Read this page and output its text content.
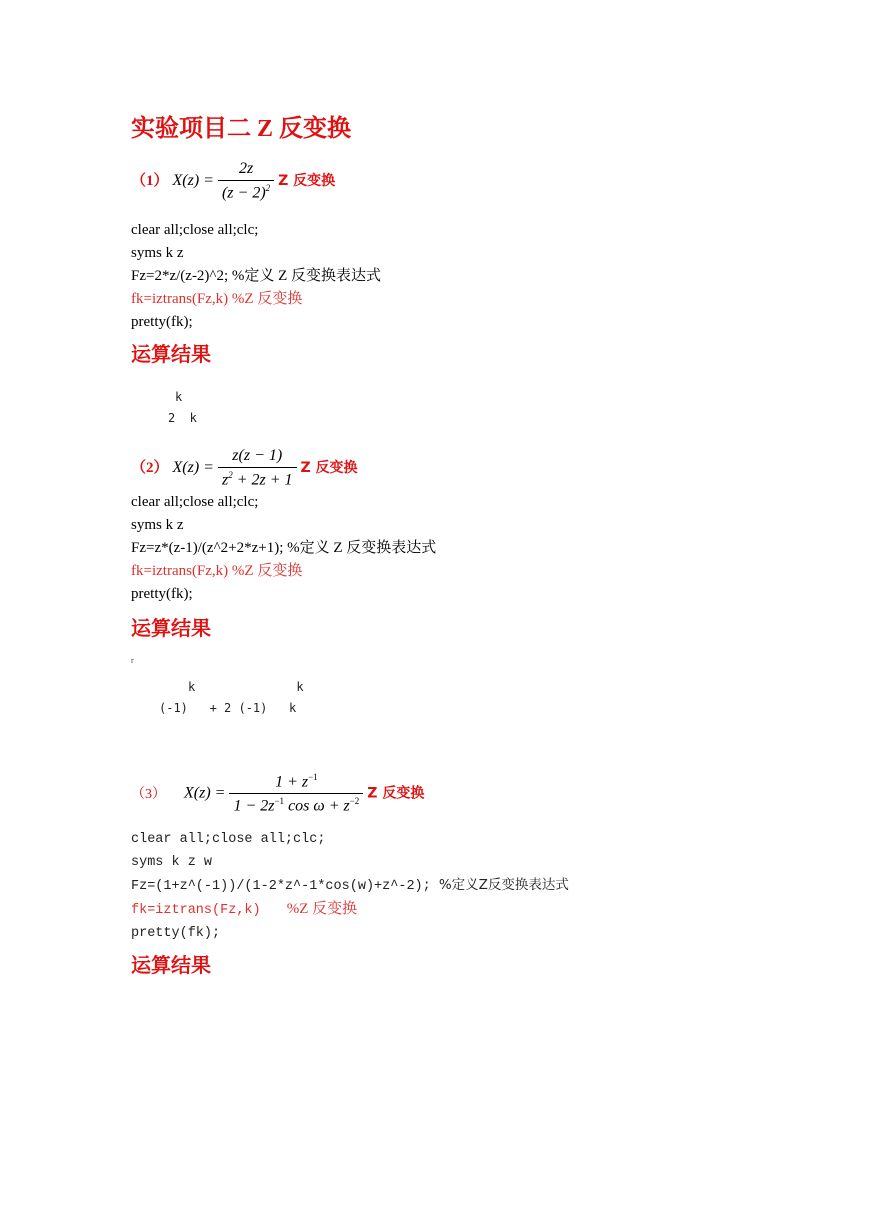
实验项目二 Z 反变换
（1） $X(z) = \frac{2z}{(z - 2)^2}$ Z 反变换
clear all;close all;clc;
syms k z
Fz=2*z/(z-2)^2; %定义 Z 反变换表达式
fk=iztrans(Fz,k) %Z 反变换
pretty(fk);
运算结果
k
2  k
（2） $X(z) = \frac{z(z - 1)}{z^2 + 2z + 1}$ Z 反变换
clear all;close all;clc;
syms k z
Fz=z*(z-1)/(z^2+2*z+1); %定义 Z 反变换表达式
fk=iztrans(Fz,k) %Z 反变换
pretty(fk);
运算结果
r
k              k
(-1)   + 2 (-1)   k
（3） $X(z) = \frac{1 + z^{-1}}{1 - 2z^{-1} \cos \omega + z^{-2}}$ Z 反变换
clear all;close all;clc;
syms k z w
Fz=(1+z^(-1))/(1-2*z^-1*cos(w)+z^-2); %定义Z反变换表达式
fk=iztrans(Fz,k) %Z 反变换
pretty(fk);
运算结果
